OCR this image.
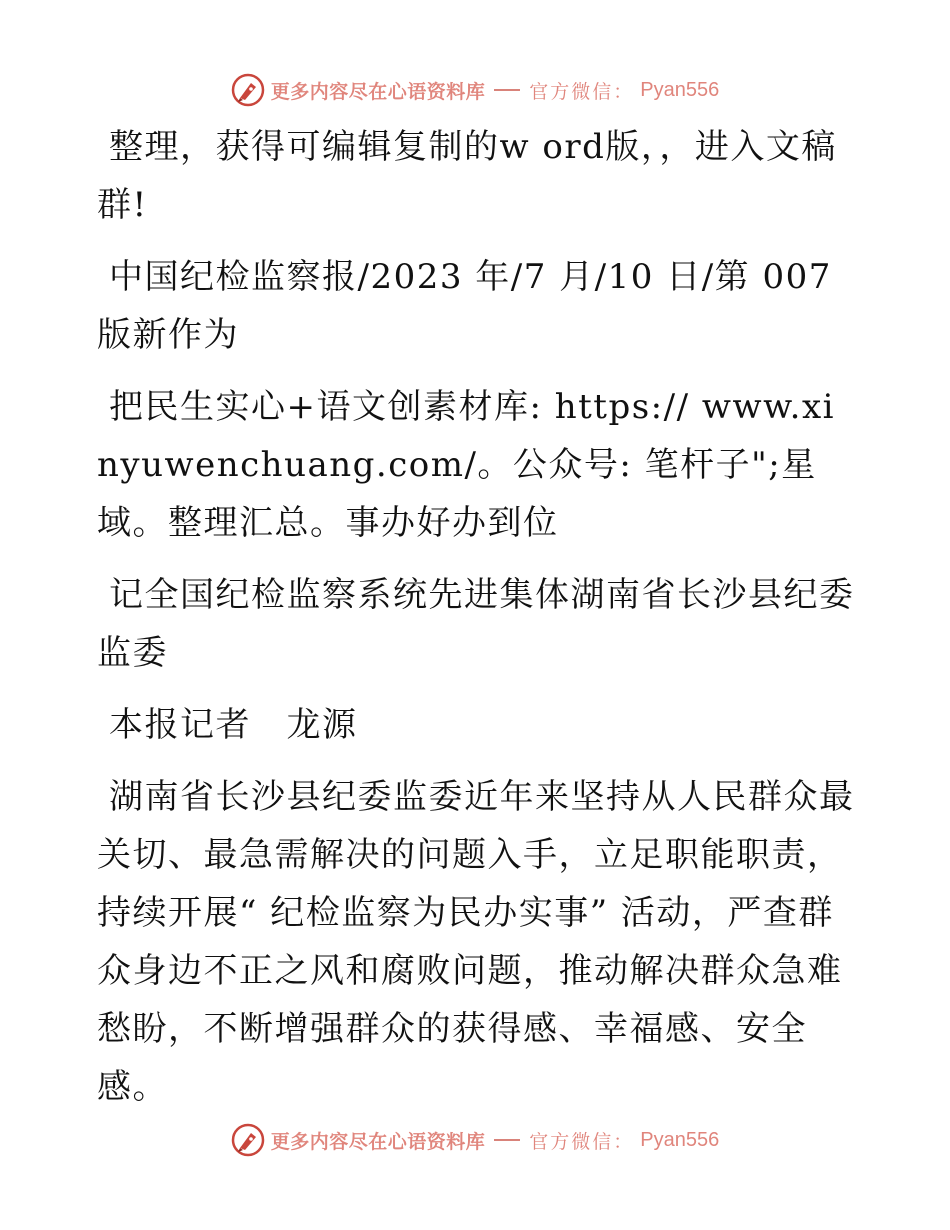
更多内容尽在心语资料库 官方微信： Pyan556

整理，获得可编辑复制的w ord版，，进入文稿群!

中国纪检监察报/2023 年/7 月/10 日/第 007 版新作为

把民生实心+语文创素材库: https:// www.xinyuwenchuang.com/。公众号: 笔杆子";星域。整理汇总。事办好办到位

记全国纪检监察系统先进集体湖南省长沙县纪委监委

本报记者　龙源

湖南省长沙县纪委监委近年来坚持从人民群众最关切、最急需解决的问题入手，立足职能职责，持续开展“ 纪检监察为民办实事” 活动，严查群众身边不正之风和腐败问题，推动解决群众急难愁盼，不断增强群众的获得感、幸福感、安全感。

更多内容尽在心语资料库 官方微信： Pyan556
